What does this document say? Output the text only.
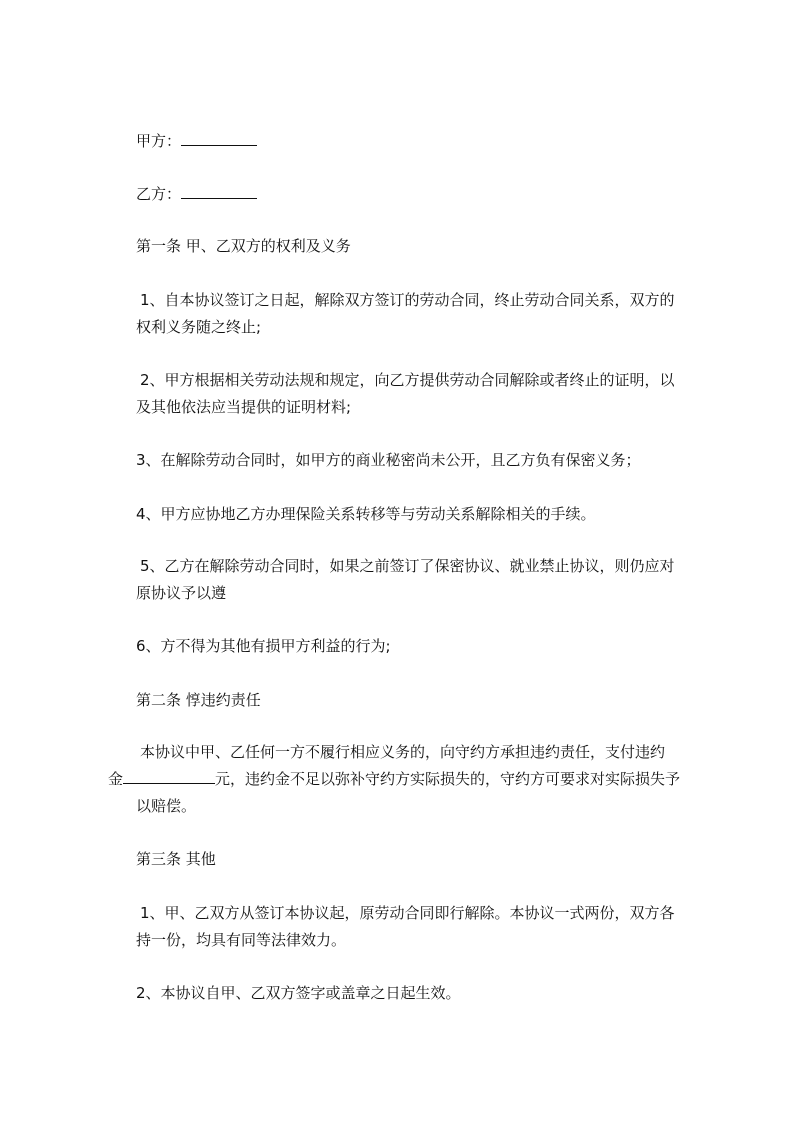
甲方：
乙方：
第一条 甲、乙双方的权利及义务
1、自本协议签订之日起，解除双方签订的劳动合同，终止劳动合同关系，双方的
权利义务随之终止;
2、甲方根据相关劳动法规和规定，向乙方提供劳动合同解除或者终止的证明，以
及其他依法应当提供的证明材料;
3、在解除劳动合同时，如甲方的商业秘密尚未公开，且乙方负有保密义务；
4、甲方应协地乙方办理保险关系转移等与劳动关系解除相关的手续。
5、乙方在解除劳动合同时，如果之前签订了保密协议、就业禁止协议，则仍应对
原协议予以遵
6、方不得为其他有损甲方利益的行为;
第二条 惇违约责任
本协议中甲、乙任何一方不履行相应义务的，向守约方承担违约责任，支付违约
金	元，违约金不足以弥补守约方实际损失的，守约方可要求对实际损失予
以赔偿。
第三条 其他
1、甲、乙双方从签订本协议起，原劳动合同即行解除。本协议一式两份，双方各
持一份，均具有同等法律效力。
2、本协议自甲、乙双方签字或盖章之日起生效。
